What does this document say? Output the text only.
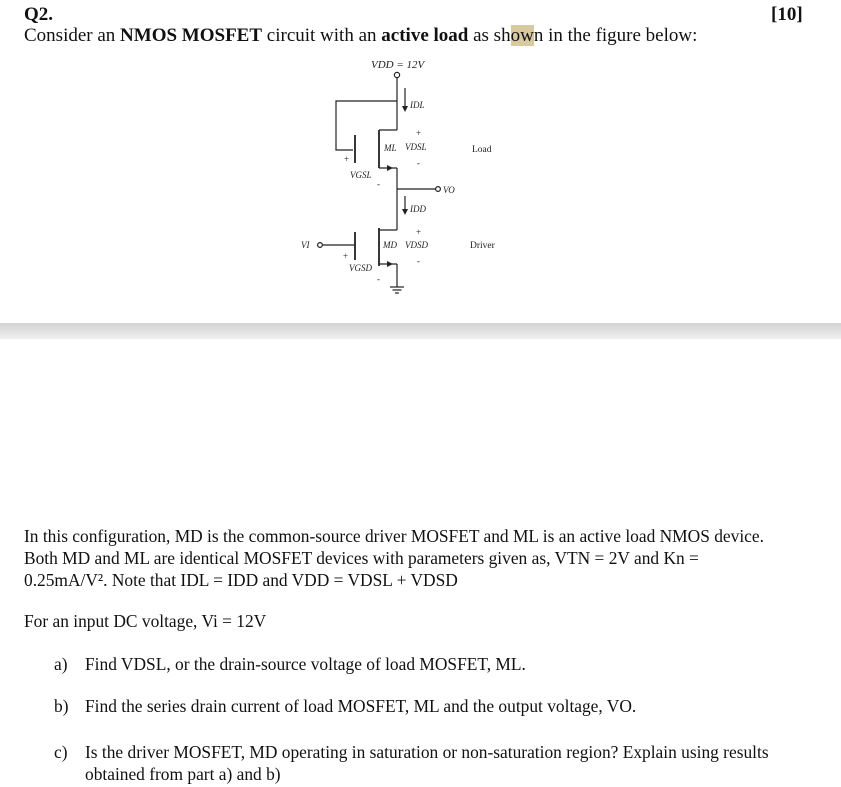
Q2.	[10]
Consider an NMOS MOSFET circuit with an active load as shown in the figure below:
VDD = 12V
IDL
ML
+
VDSL
-
Load
+
VGSL
-
VO
IDD
MD
+
VDSD
-
Driver
VI
+
VGSD
-
In this configuration, MD is the common-source driver MOSFET and ML is an active load NMOS device.
Both MD and ML are identical MOSFET devices with parameters given as, VTN = 2V and Kn =
0.25mA/V². Note that IDL = IDD and VDD = VDSL + VDSD
For an input DC voltage, Vi = 12V
a) Find VDSL, or the drain-source voltage of load MOSFET, ML.
b) Find the series drain current of load MOSFET, ML and the output voltage, VO.
c) Is the driver MOSFET, MD operating in saturation or non-saturation region? Explain using results
obtained from part a) and b)
